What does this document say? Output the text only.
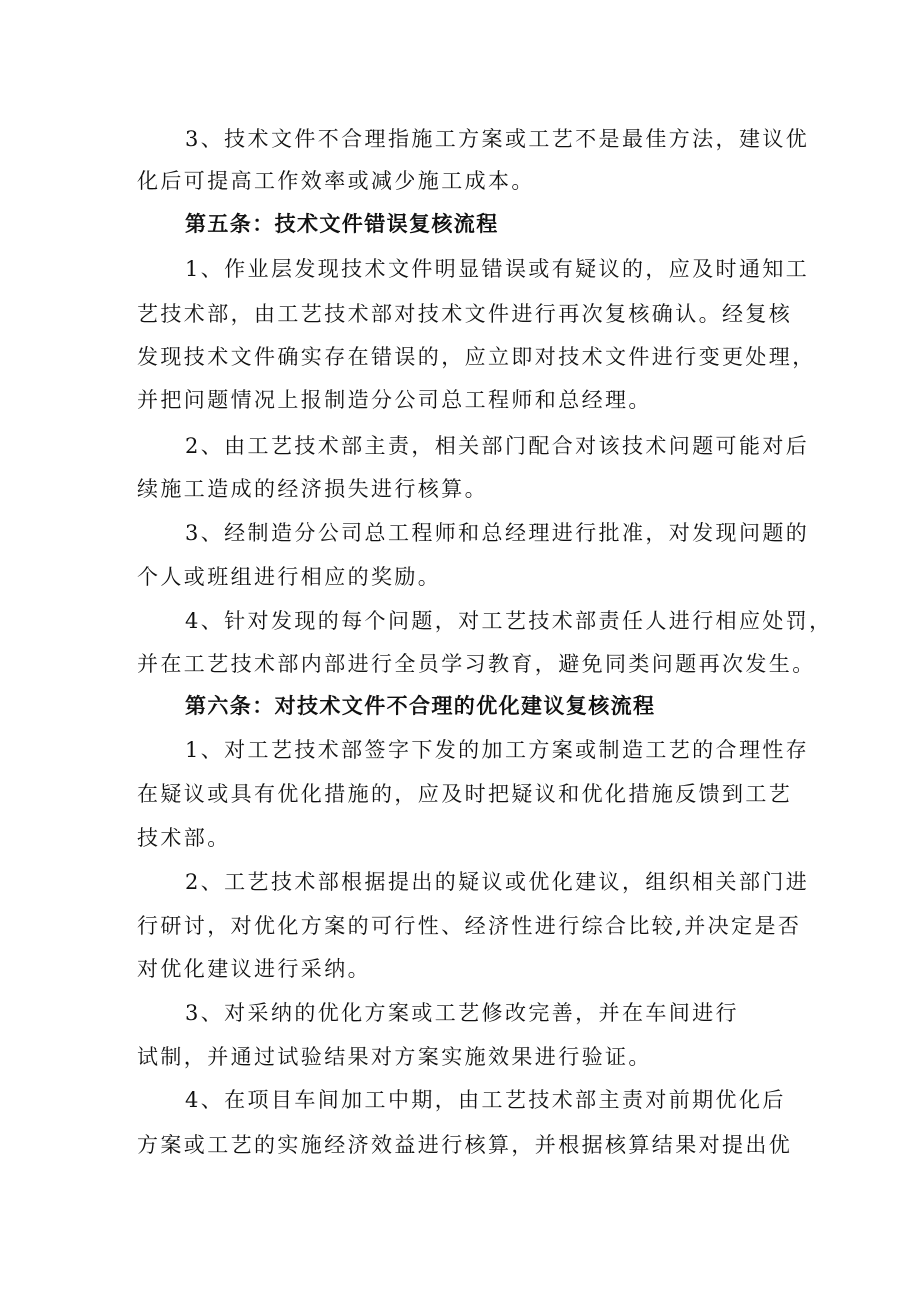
3、技术文件不合理指施工方案或工艺不是最佳方法，建议优
化后可提高工作效率或减少施工成本。
第五条：技术文件错误复核流程
1、作业层发现技术文件明显错误或有疑议的，应及时通知工
艺技术部，由工艺技术部对技术文件进行再次复核确认。经复核
发现技术文件确实存在错误的，应立即对技术文件进行变更处理，
并把问题情况上报制造分公司总工程师和总经理。
2、由工艺技术部主责，相关部门配合对该技术问题可能对后
续施工造成的经济损失进行核算。
3、经制造分公司总工程师和总经理进行批准，对发现问题的
个人或班组进行相应的奖励。
4、针对发现的每个问题，对工艺技术部责任人进行相应处罚，
并在工艺技术部内部进行全员学习教育，避免同类问题再次发生。
第六条：对技术文件不合理的优化建议复核流程
1、对工艺技术部签字下发的加工方案或制造工艺的合理性存
在疑议或具有优化措施的，应及时把疑议和优化措施反馈到工艺
技术部。
2、工艺技术部根据提出的疑议或优化建议，组织相关部门进
行研讨，对优化方案的可行性、经济性进行综合比较,并决定是否
对优化建议进行采纳。
3、对采纳的优化方案或工艺修改完善，并在车间进行
试制，并通过试验结果对方案实施效果进行验证。
4、在项目车间加工中期，由工艺技术部主责对前期优化后
方案或工艺的实施经济效益进行核算，并根据核算结果对提出优
